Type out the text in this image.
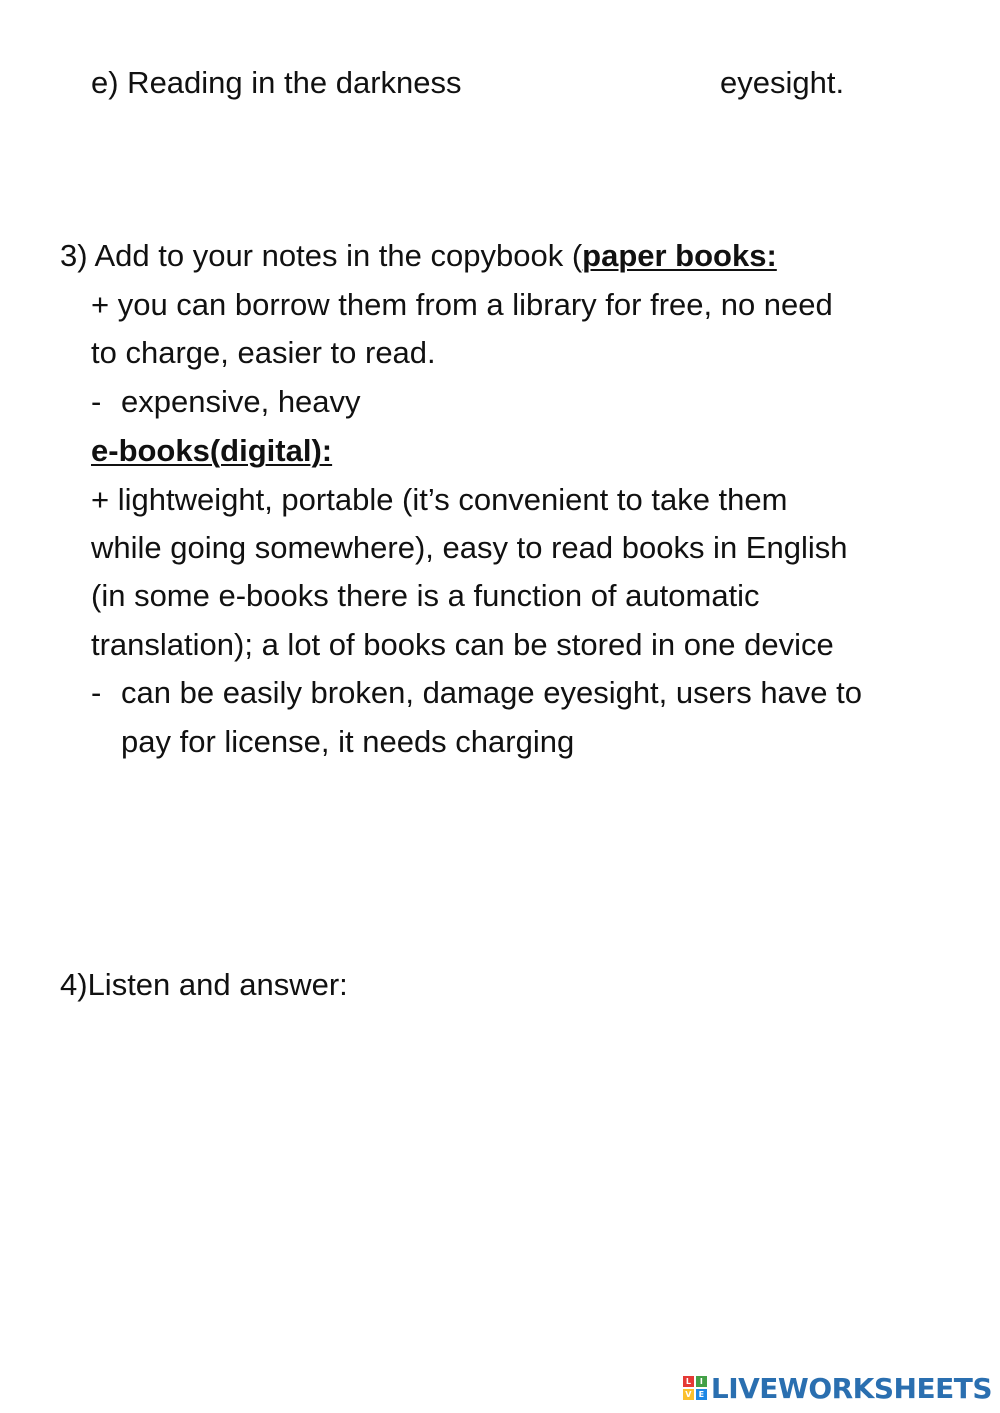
e) Reading in the darkness	eyesight.
3) Add to your notes in the copybook (paper books:
+ you can borrow them from a library for free, no need
to charge, easier to read.
- expensive, heavy
e-books(digital):
+ lightweight, portable (it’s convenient to take them
while going somewhere), easy to read books in English
(in some e-books there is a function of automatic
translation); a lot of books can be stored in one device
- can be easily broken, damage eyesight, users have to
pay for license, it needs charging
4)Listen and answer:
L	I
V E LIVEWORKSHEETS
